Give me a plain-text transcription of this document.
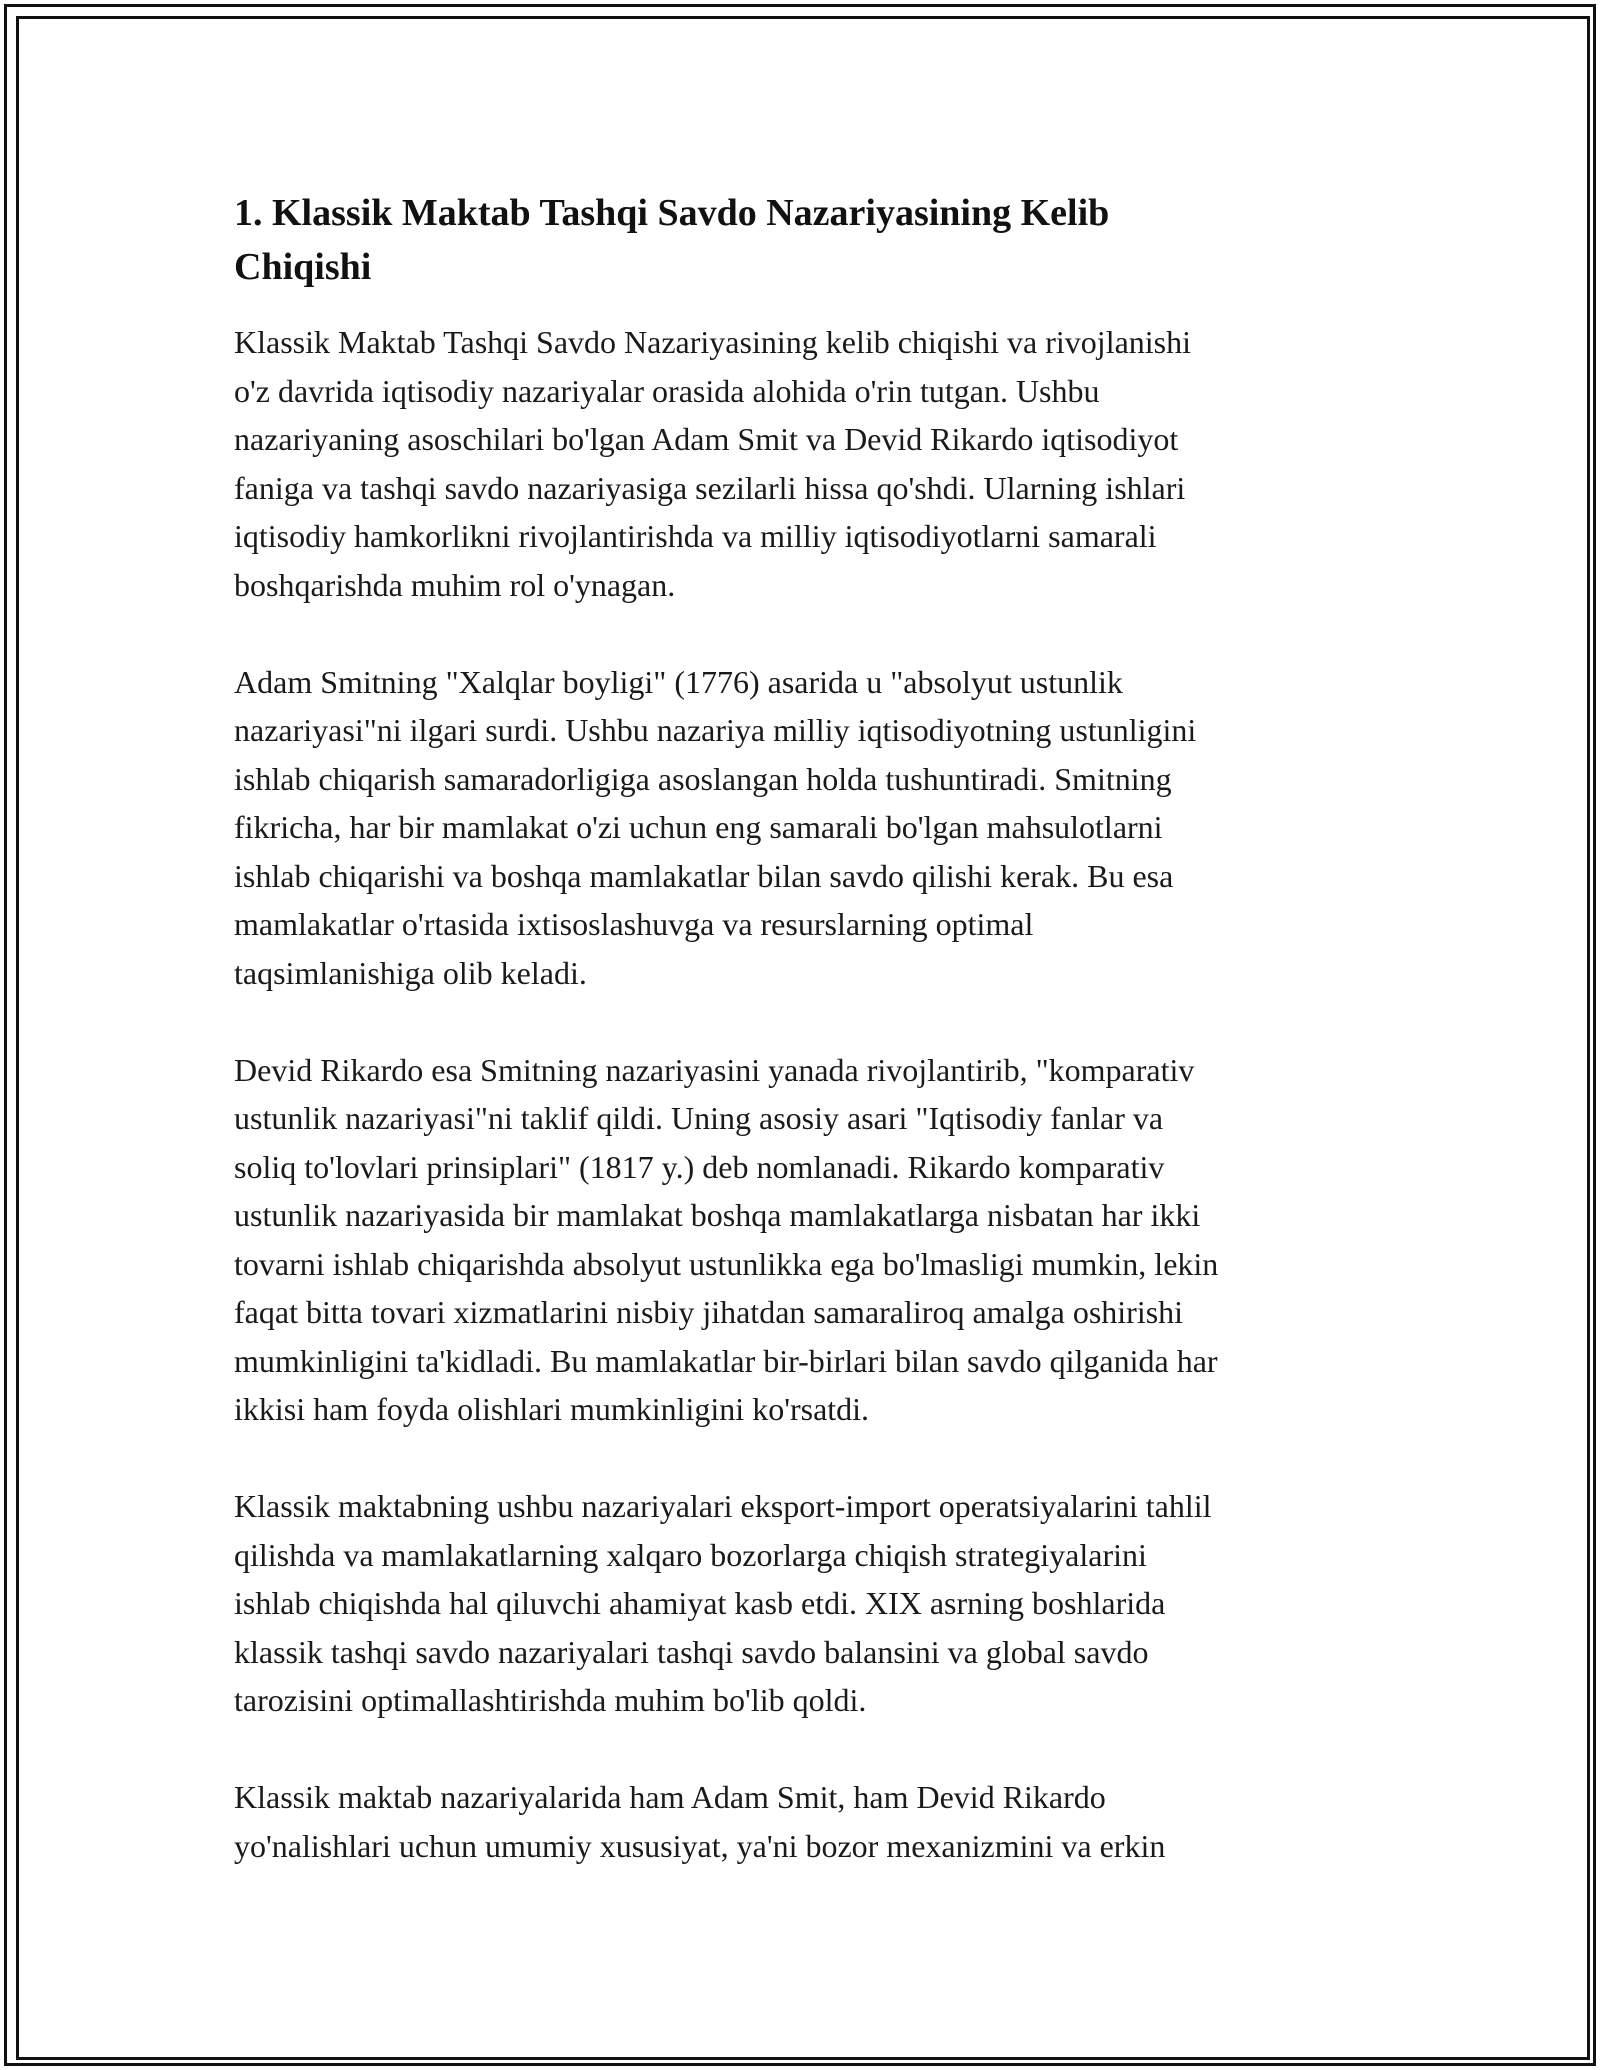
1. Klassik Maktab Tashqi Savdo Nazariyasining Kelib
Chiqishi

Klassik Maktab Tashqi Savdo Nazariyasining kelib chiqishi va rivojlanishi
o'z davrida iqtisodiy nazariyalar orasida alohida o'rin tutgan. Ushbu
nazariyaning asoschilari bo'lgan Adam Smit va Devid Rikardo iqtisodiyot
faniga va tashqi savdo nazariyasiga sezilarli hissa qo'shdi. Ularning ishlari
iqtisodiy hamkorlikni rivojlantirishda va milliy iqtisodiyotlarni samarali
boshqarishda muhim rol o'ynagan.

Adam Smitning "Xalqlar boyligi" (1776) asarida u "absolyut ustunlik
nazariyasi"ni ilgari surdi. Ushbu nazariya milliy iqtisodiyotning ustunligini
ishlab chiqarish samaradorligiga asoslangan holda tushuntiradi. Smitning
fikricha, har bir mamlakat o'zi uchun eng samarali bo'lgan mahsulotlarni
ishlab chiqarishi va boshqa mamlakatlar bilan savdo qilishi kerak. Bu esa
mamlakatlar o'rtasida ixtisoslashuvga va resurslarning optimal
taqsimlanishiga olib keladi.

Devid Rikardo esa Smitning nazariyasini yanada rivojlantirib, "komparativ
ustunlik nazariyasi"ni taklif qildi. Uning asosiy asari "Iqtisodiy fanlar va
soliq to'lovlari prinsiplari" (1817 y.) deb nomlanadi. Rikardo komparativ
ustunlik nazariyasida bir mamlakat boshqa mamlakatlarga nisbatan har ikki
tovarni ishlab chiqarishda absolyut ustunlikka ega bo'lmasligi mumkin, lekin
faqat bitta tovari xizmatlarini nisbiy jihatdan samaraliroq amalga oshirishi
mumkinligini ta'kidladi. Bu mamlakatlar bir-birlari bilan savdo qilganida har
ikkisi ham foyda olishlari mumkinligini ko'rsatdi.

Klassik maktabning ushbu nazariyalari eksport-import operatsiyalarini tahlil
qilishda va mamlakatlarning xalqaro bozorlarga chiqish strategiyalarini
ishlab chiqishda hal qiluvchi ahamiyat kasb etdi. XIX asrning boshlarida
klassik tashqi savdo nazariyalari tashqi savdo balansini va global savdo
tarozisini optimallashtirishda muhim bo'lib qoldi.

Klassik maktab nazariyalarida ham Adam Smit, ham Devid Rikardo
yo'nalishlari uchun umumiy xususiyat, ya'ni bozor mexanizmini va erkin
